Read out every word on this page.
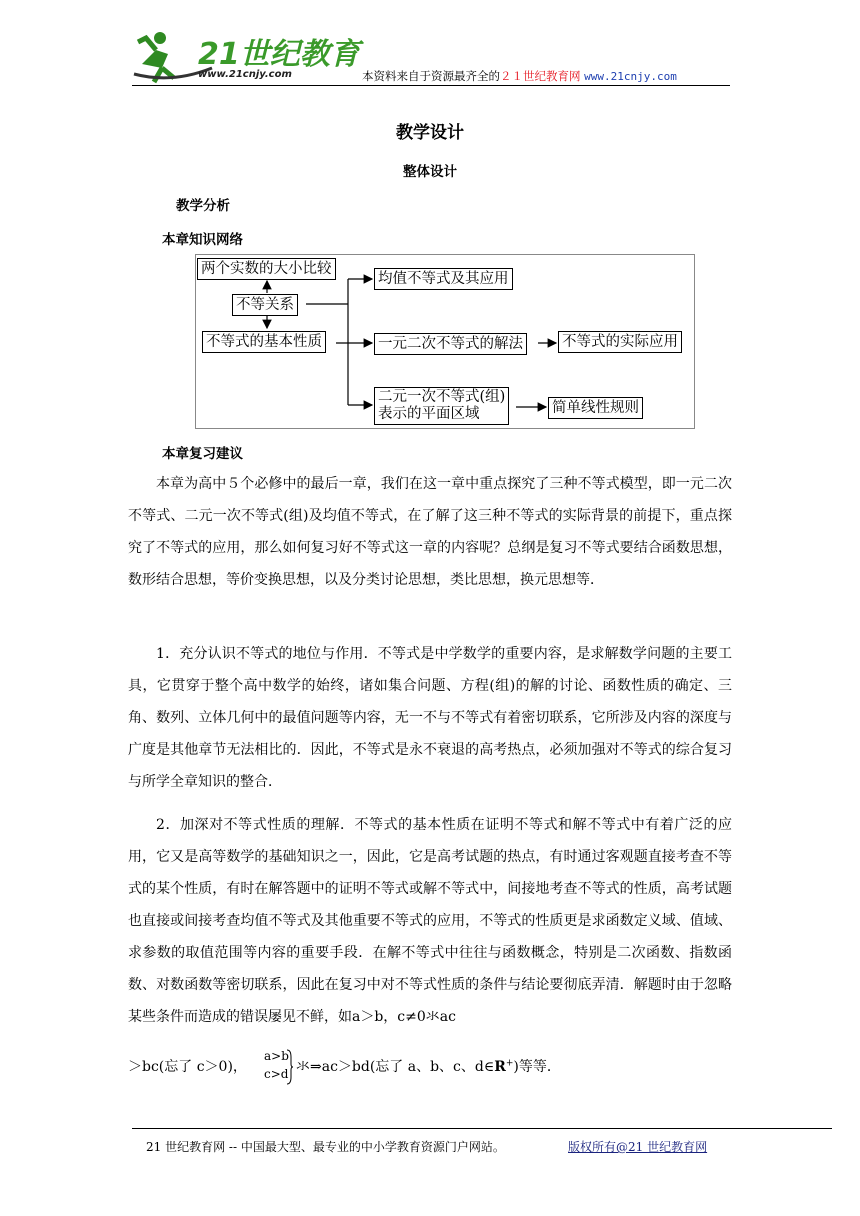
21世纪教育
www.21cnjy.com	本资料来自于资源最齐全的２１世纪教育网 www.21cnjy.com
教学设计
整体设计
教学分析
本章知识网络
两个实数的大小比较
不等关系
不等式的基本性质
均值不等式及其应用
一元二次不等式的解法	不等式的实际应用
二元一次不等式(组)
表示的平面区域	简单线性规则
本章复习建议
本章为高中５个必修中的最后一章，我们在这一章中重点探究了三种不等式模型，即一元二次不等式、二元一次不等式(组)及均值不等式，在了解了这三种不等式的实际背景的前提下，重点探究了不等式的应用，那么如何复习好不等式这一章的内容呢？总纲是复习不等式要结合函数思想，数形结合思想，等价变换思想，以及分类讨论思想，类比思想，换元思想等．
1．充分认识不等式的地位与作用．不等式是中学数学的重要内容，是求解数学问题的主要工具，它贯穿于整个高中数学的始终，诸如集合问题、方程(组)的解的讨论、函数性质的确定、三角、数列、立体几何中的最值问题等内容，无一不与不等式有着密切联系，它所涉及内容的深度与广度是其他章节无法相比的．因此，不等式是永不衰退的高考热点，必须加强对不等式的综合复习与所学全章知识的整合．
2．加深对不等式性质的理解．不等式的基本性质在证明不等式和解不等式中有着广泛的应用，它又是高等数学的基础知识之一，因此，它是高考试题的热点，有时通过客观题直接考查不等式的某个性质，有时在解答题中的证明不等式或解不等式中，间接地考查不等式的性质，高考试题也直接或间接考查均值不等式及其他重要不等式的应用，不等式的性质更是求函数定义域、值域、求参数的取值范围等内容的重要手段．在解不等式中往往与函数概念，特别是二次函数、指数函数、对数函数等密切联系，因此在复习中对不等式性质的条件与结论要彻底弄清．解题时由于忽略某些条件而造成的错误屡见不鲜，如a＞b，c≠0氺ac
＞bc(忘了 c＞0)，
a>b
c>d 氺⇒ac＞bd(忘了 a、b、c、d∈R+)等等．
21 世纪教育网 -- 中国最大型、最专业的中小学教育资源门户网站。	版权所有@21 世纪教育网
